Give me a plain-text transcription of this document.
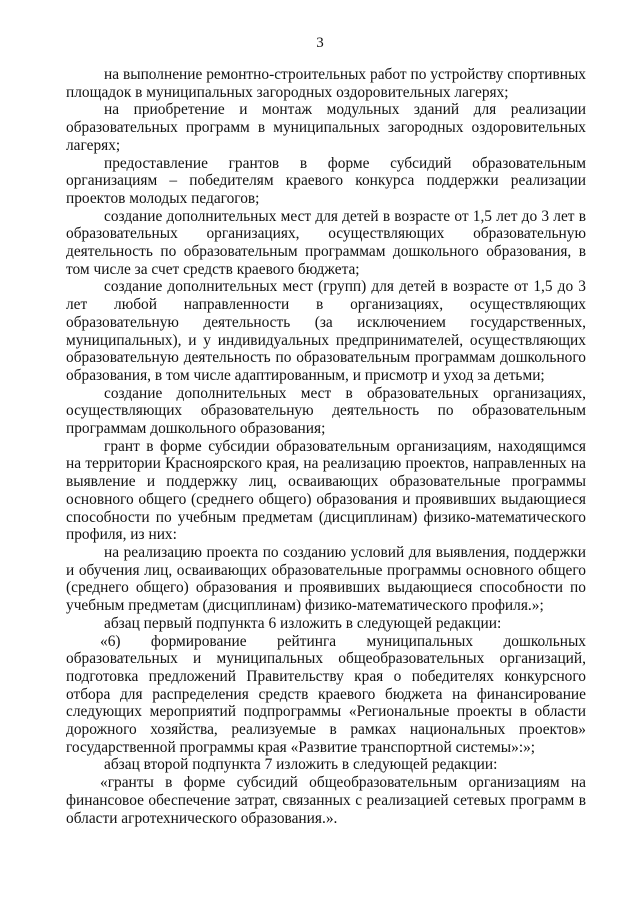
3

на выполнение ремонтно-строительных работ по устройству спортивных площадок в муниципальных загородных оздоровительных лагерях;

на приобретение и монтаж модульных зданий для реализации образовательных программ в муниципальных загородных оздоровительных лагерях;

предоставление грантов в форме субсидий образовательным организациям – победителям краевого конкурса поддержки реализации проектов молодых педагогов;

создание дополнительных мест для детей в возрасте от 1,5 лет до 3 лет в образовательных организациях, осуществляющих образовательную деятельность по образовательным программам дошкольного образования, в том числе за счет средств краевого бюджета;

создание дополнительных мест (групп) для детей в возрасте от 1,5 до 3 лет любой направленности в организациях, осуществляющих образовательную деятельность (за исключением государственных, муниципальных), и у индивидуальных предпринимателей, осуществляющих образовательную деятельность по образовательным программам дошкольного образования, в том числе адаптированным, и присмотр и уход за детьми;

создание дополнительных мест в образовательных организациях, осуществляющих образовательную деятельность по образовательным программам дошкольного образования;

грант в форме субсидии образовательным организациям, находящимся на территории Красноярского края, на реализацию проектов, направленных на выявление и поддержку лиц, осваивающих образовательные программы основного общего (среднего общего) образования и проявивших выдающиеся способности по учебным предметам (дисциплинам) физико-математического профиля, из них:

на реализацию проекта по созданию условий для выявления, поддержки и обучения лиц, осваивающих образовательные программы основного общего (среднего общего) образования и проявивших выдающиеся способности по учебным предметам (дисциплинам) физико-математического профиля.»;

абзац первый подпункта 6 изложить в следующей редакции:

«6) формирование рейтинга муниципальных дошкольных образовательных и муниципальных общеобразовательных организаций, подготовка предложений Правительству края о победителях конкурсного отбора для распределения средств краевого бюджета на финансирование следующих мероприятий подпрограммы «Региональные проекты в области дорожного хозяйства, реализуемые в рамках национальных проектов» государственной программы края «Развитие транспортной системы»:»;

абзац второй подпункта 7 изложить в следующей редакции:

«гранты в форме субсидий общеобразовательным организациям на финансовое обеспечение затрат, связанных с реализацией сетевых программ в области агротехнического образования.».
